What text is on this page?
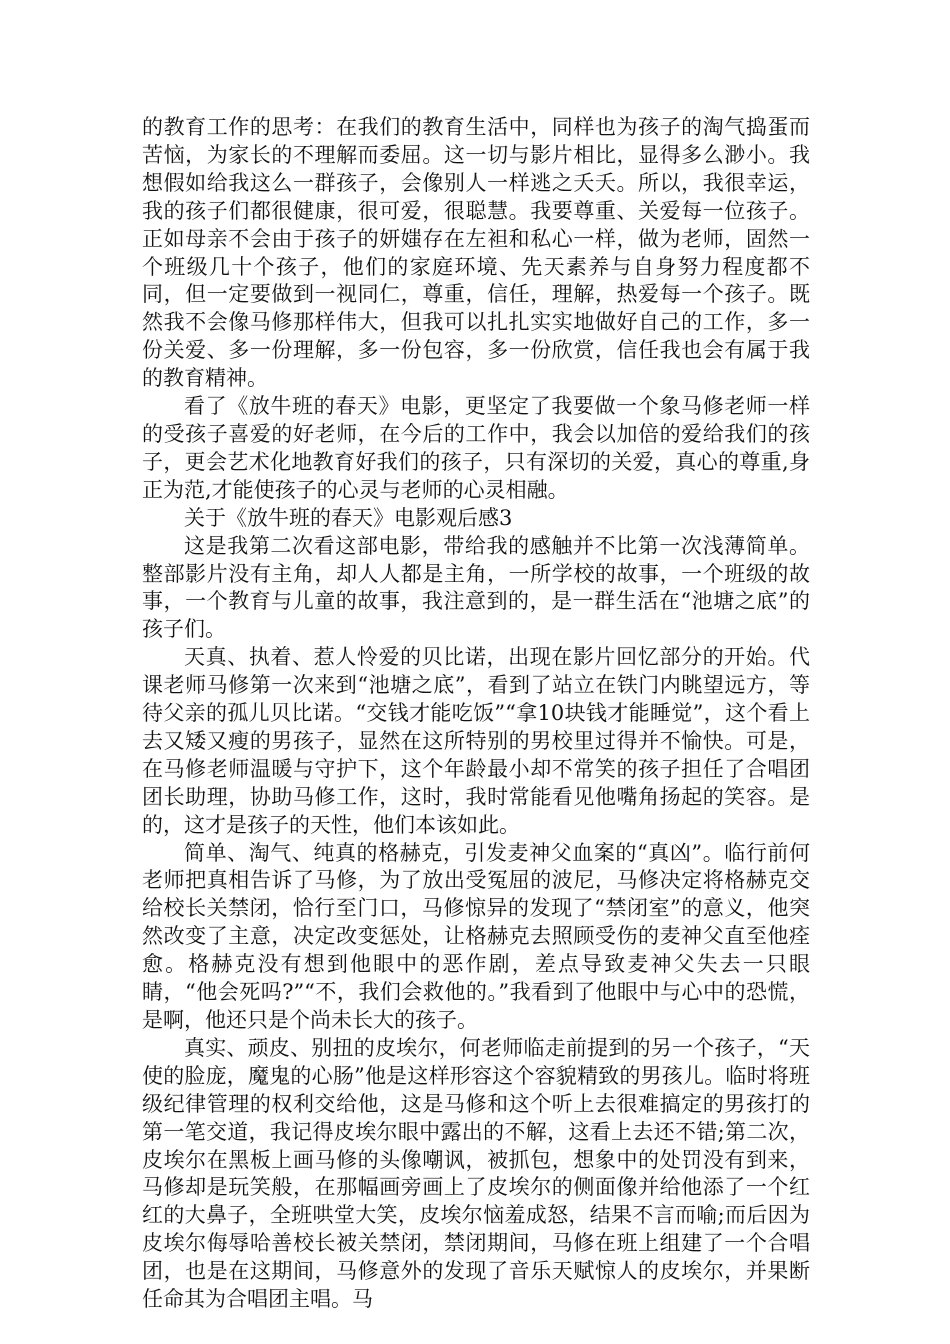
的教育工作的思考：在我们的教育生活中，同样也为孩子的淘气捣蛋而苦恼，为家长的不理解而委屈。这一切与影片相比，显得多么渺小。我想假如给我这么一群孩子，会像别人一样逃之夭夭。所以，我很幸运，我的孩子们都很健康，很可爱，很聪慧。我要尊重、关爱每一位孩子。正如母亲不会由于孩子的妍媸存在左袒和私心一样，做为老师，固然一个班级几十个孩子，他们的家庭环境、先天素养与自身努力程度都不同，但一定要做到一视同仁，尊重，信任，理解，热爱每一个孩子。既然我不会像马修那样伟大，但我可以扎扎实实地做好自己的工作，多一份关爱、多一份理解，多一份包容，多一份欣赏，信任我也会有属于我的教育精神。

看了《放牛班的春天》电影，更坚定了我要做一个象马修老师一样的受孩子喜爱的好老师，在今后的工作中，我会以加倍的爱给我们的孩子，更会艺术化地教育好我们的孩子，只有深切的关爱，真心的尊重,身正为范,才能使孩子的心灵与老师的心灵相融。

关于《放牛班的春天》电影观后感3

这是我第二次看这部电影，带给我的感触并不比第一次浅薄简单。整部影片没有主角，却人人都是主角，一所学校的故事，一个班级的故事，一个教育与儿童的故事，我注意到的，是一群生活在“池塘之底”的孩子们。

天真、执着、惹人怜爱的贝比诺，出现在影片回忆部分的开始。代课老师马修第一次来到“池塘之底”，看到了站立在铁门内眺望远方，等待父亲的孤儿贝比诺。“交钱才能吃饭”“拿10块钱才能睡觉”，这个看上去又矮又瘦的男孩子，显然在这所特别的男校里过得并不愉快。可是，在马修老师温暖与守护下，这个年龄最小却不常笑的孩子担任了合唱团团长助理，协助马修工作，这时，我时常能看见他嘴角扬起的笑容。是的，这才是孩子的天性，他们本该如此。

简单、淘气、纯真的格赫克，引发麦神父血案的“真凶”。临行前何老师把真相告诉了马修，为了放出受冤屈的波尼，马修决定将格赫克交给校长关禁闭，恰行至门口，马修惊异的发现了“禁闭室”的意义，他突然改变了主意，决定改变惩处，让格赫克去照顾受伤的麦神父直至他痊愈。格赫克没有想到他眼中的恶作剧，差点导致麦神父失去一只眼睛，“他会死吗?”“不，我们会救他的。”我看到了他眼中与心中的恐慌，是啊，他还只是个尚未长大的孩子。

真实、顽皮、别扭的皮埃尔，何老师临走前提到的另一个孩子，“天使的脸庞，魔鬼的心肠”他是这样形容这个容貌精致的男孩儿。临时将班级纪律管理的权利交给他，这是马修和这个听上去很难搞定的男孩打的第一笔交道，我记得皮埃尔眼中露出的不解，这看上去还不错;第二次，皮埃尔在黑板上画马修的头像嘲讽，被抓包，想象中的处罚没有到来，马修却是玩笑般，在那幅画旁画上了皮埃尔的侧面像并给他添了一个红红的大鼻子，全班哄堂大笑，皮埃尔恼羞成怒，结果不言而喻;而后因为皮埃尔侮辱哈善校长被关禁闭，禁闭期间，马修在班上组建了一个合唱团，也是在这期间，马修意外的发现了音乐天赋惊人的皮埃尔，并果断任命其为合唱团主唱。马
